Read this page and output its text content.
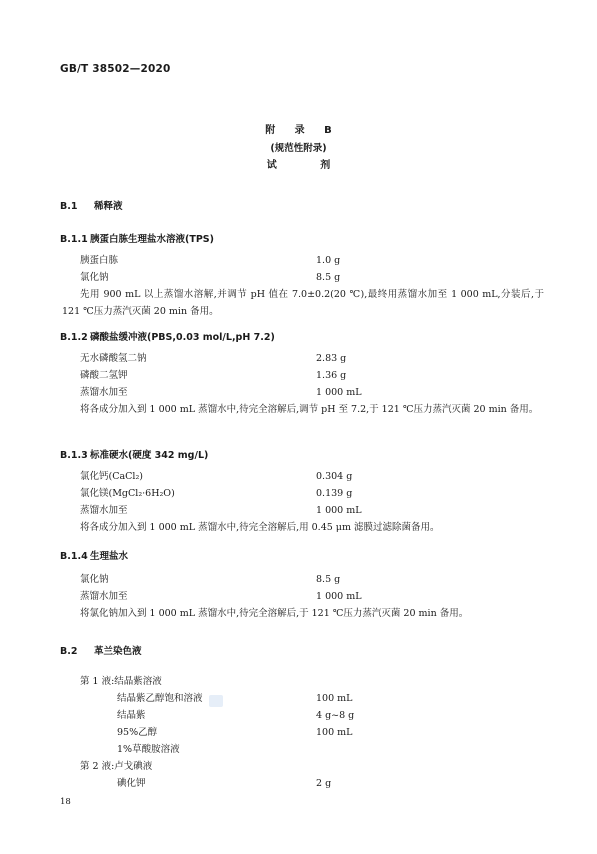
GB/T 38502—2020
附 录 B
(规范性附录)
试 剂
B.1 稀释液
B.1.1 胰蛋白胨生理盐水溶液(TPS)
胰蛋白胨	1.0 g
氯化钠	8.5 g
先用 900 mL 以上蒸馏水溶解,并调节 pH 值在 7.0±0.2(20 ℃),最终用蒸馏水加至 1 000 mL,分装后,于 121 ℃压力蒸汽灭菌 20 min 备用。
B.1.2 磷酸盐缓冲液(PBS,0.03 mol/L,pH 7.2)
无水磷酸氢二钠	2.83 g
磷酸二氢钾	1.36 g
蒸馏水加至	1 000 mL
将各成分加入到 1 000 mL 蒸馏水中,待完全溶解后,调节 pH 至 7.2,于 121 ℃压力蒸汽灭菌 20 min 备用。
B.1.3 标准硬水(硬度 342 mg/L)
氯化钙(CaCl₂)	0.304 g
氯化镁(MgCl₂·6H₂O)	0.139 g
蒸馏水加至	1 000 mL
将各成分加入到 1 000 mL 蒸馏水中,待完全溶解后,用 0.45 μm 滤膜过滤除菌备用。
B.1.4 生理盐水
氯化钠	8.5 g
蒸馏水加至	1 000 mL
将氯化钠加入到 1 000 mL 蒸馏水中,待完全溶解后,于 121 ℃压力蒸汽灭菌 20 min 备用。
B.2 革兰染色液
第 1 液:结晶紫溶液
结晶紫乙醇饱和溶液	100 mL
结晶紫	4 g~8 g
95%乙醇	100 mL
1%草酸胺溶液
第 2 液:卢戈碘液
碘化钾	2 g
18
